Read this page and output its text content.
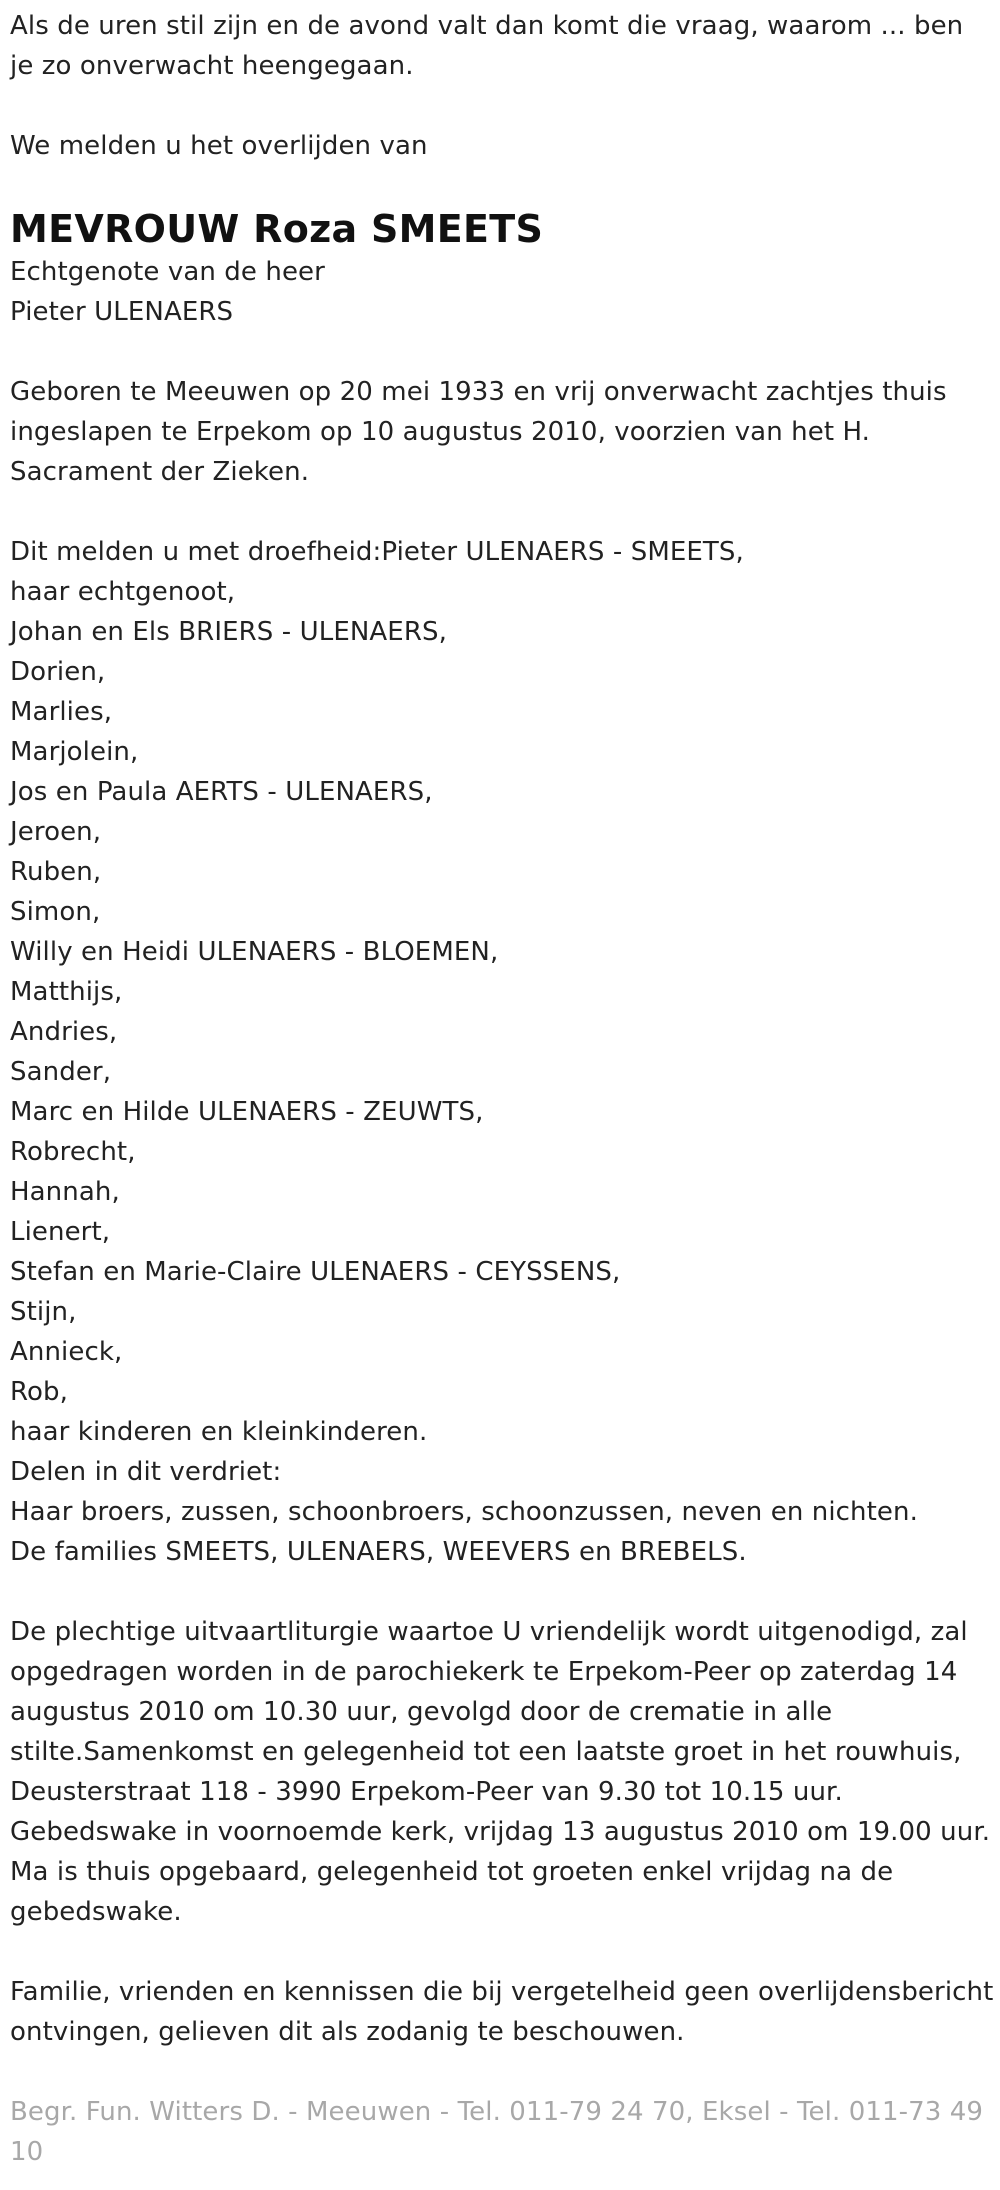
Als de uren stil zijn en de avond valt dan komt die vraag, waarom ... ben je zo onverwacht heengegaan.

We melden u het overlijden van

MEVROUW Roza SMEETS

Echtgenote van de heer
Pieter ULENAERS

Geboren te Meeuwen op 20 mei 1933 en vrij onverwacht zachtjes thuis ingeslapen te Erpekom op 10 augustus 2010, voorzien van het H. Sacrament der Zieken.

Dit melden u met droefheid:Pieter ULENAERS - SMEETS,
haar echtgenoot,
Johan en Els BRIERS - ULENAERS,
Dorien,
Marlies,
Marjolein,
Jos en Paula AERTS - ULENAERS,
Jeroen,
Ruben,
Simon,
Willy en Heidi ULENAERS - BLOEMEN,
Matthijs,
Andries,
Sander,
Marc en Hilde ULENAERS - ZEUWTS,
Robrecht,
Hannah,
Lienert,
Stefan en Marie-Claire ULENAERS - CEYSSENS,
Stijn,
Annieck,
Rob,
haar kinderen en kleinkinderen.
Delen in dit verdriet:
Haar broers, zussen, schoonbroers, schoonzussen, neven en nichten.
De families SMEETS, ULENAERS, WEEVERS en BREBELS.

De plechtige uitvaartliturgie waartoe U vriendelijk wordt uitgenodigd, zal opgedragen worden in de parochiekerk te Erpekom-Peer op zaterdag 14 augustus 2010 om 10.30 uur, gevolgd door de crematie in alle stilte.Samenkomst en gelegenheid tot een laatste groet in het rouwhuis, Deusterstraat 118 - 3990 Erpekom-Peer van 9.30 tot 10.15 uur. Gebedswake in voornoemde kerk, vrijdag 13 augustus 2010 om 19.00 uur. Ma is thuis opgebaard, gelegenheid tot groeten enkel vrijdag na de gebedswake.

Familie, vrienden en kennissen die bij vergetelheid geen overlijdensbericht ontvingen, gelieven dit als zodanig te beschouwen.

Begr. Fun. Witters D. - Meeuwen - Tel. 011-79 24 70, Eksel - Tel. 011-73 49 10
